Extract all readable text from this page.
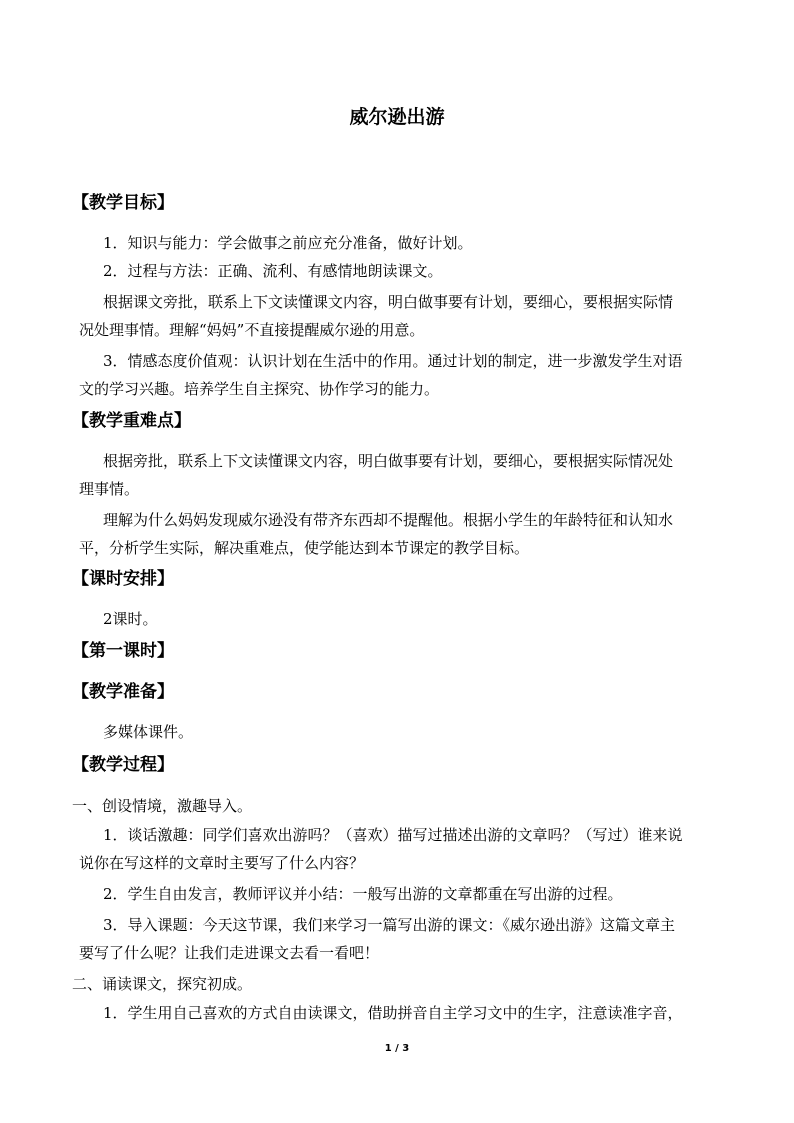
威尔逊出游
【教学目标】
1．知识与能力：学会做事之前应充分准备，做好计划。
2．过程与方法：正确、流利、有感情地朗读课文。
根据课文旁批，联系上下文读懂课文内容，明白做事要有计划，要细心，要根据实际情
况处理事情。理解“妈妈”不直接提醒威尔逊的用意。
3．情感态度价值观：认识计划在生活中的作用。通过计划的制定，进一步激发学生对语
文的学习兴趣。培养学生自主探究、协作学习的能力。
【教学重难点】
根据旁批，联系上下文读懂课文内容，明白做事要有计划，要细心，要根据实际情况处
理事情。
理解为什么妈妈发现威尔逊没有带齐东西却不提醒他。根据小学生的年龄特征和认知水
平，分析学生实际，解决重难点，使学能达到本节课定的教学目标。
【课时安排】
2课时。
【第一课时】
【教学准备】
多媒体课件。
【教学过程】
一、创设情境，激趣导入。
1．谈话激趣：同学们喜欢出游吗？（喜欢）描写过描述出游的文章吗？（写过）谁来说
说你在写这样的文章时主要写了什么内容？
2．学生自由发言，教师评议并小结：一般写出游的文章都重在写出游的过程。
3．导入课题：今天这节课，我们来学习一篇写出游的课文：《威尔逊出游》这篇文章主
要写了什么呢？让我们走进课文去看一看吧！
二、诵读课文，探究初成。
1．学生用自己喜欢的方式自由读课文，借助拼音自主学习文中的生字，注意读准字音，
1 / 3
